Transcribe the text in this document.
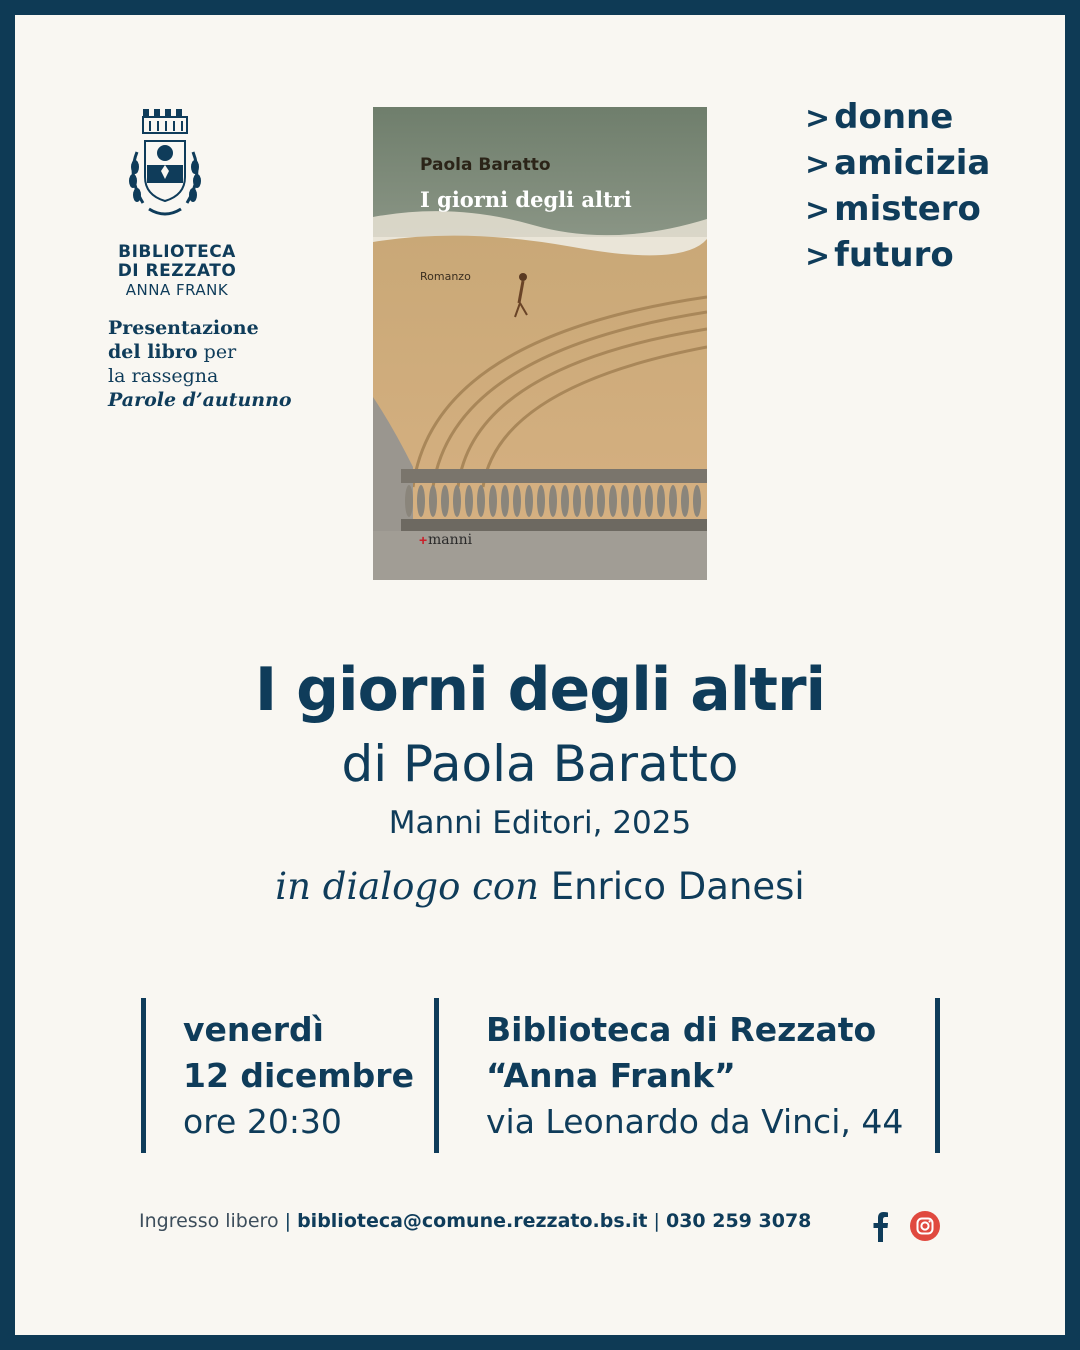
BIBLIOTECA
DI REZZATO
ANNA FRANK
Presentazione
del libro per
la rassegna
Parole d’autunno
Paola Baratto
I giorni degli altri
Romanzo
+ manni
> donne
> amicizia
> mistero
> futuro
I giorni degli altri
di Paola Baratto
Manni Editori, 2025
in dialogo con Enrico Danesi
venerdì
12 dicembre
ore 20:30
Biblioteca di Rezzato
“Anna Frank”
via Leonardo da Vinci, 44
Ingresso libero | biblioteca@comune.rezzato.bs.it | 030 259 3078
